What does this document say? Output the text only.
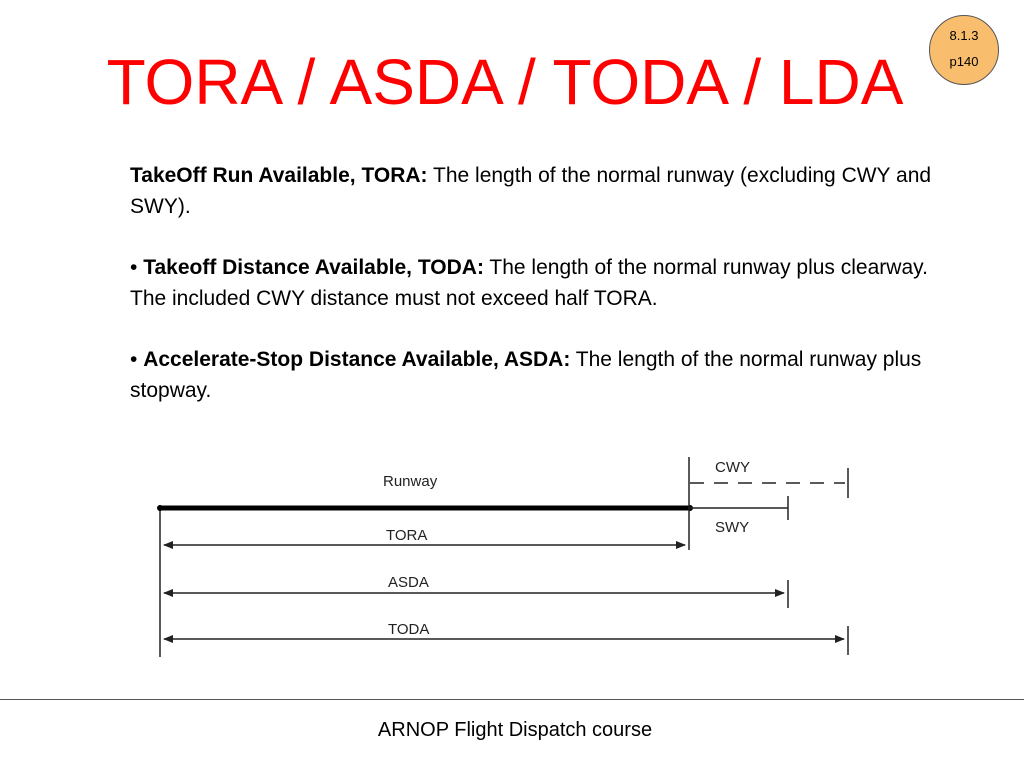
TORA / ASDA / TODA / LDA
8.1.3
p140

TakeOff Run Available, TORA: The length of the normal runway (excluding CWY and SWY).

• Takeoff Distance Available, TODA: The length of the normal runway plus clearway. The included CWY distance must not exceed half TORA.

• Accelerate-Stop Distance Available, ASDA: The length of the normal runway plus stopway.

Runway
CWY
SWY
TORA
ASDA
TODA
ARNOP Flight Dispatch course
